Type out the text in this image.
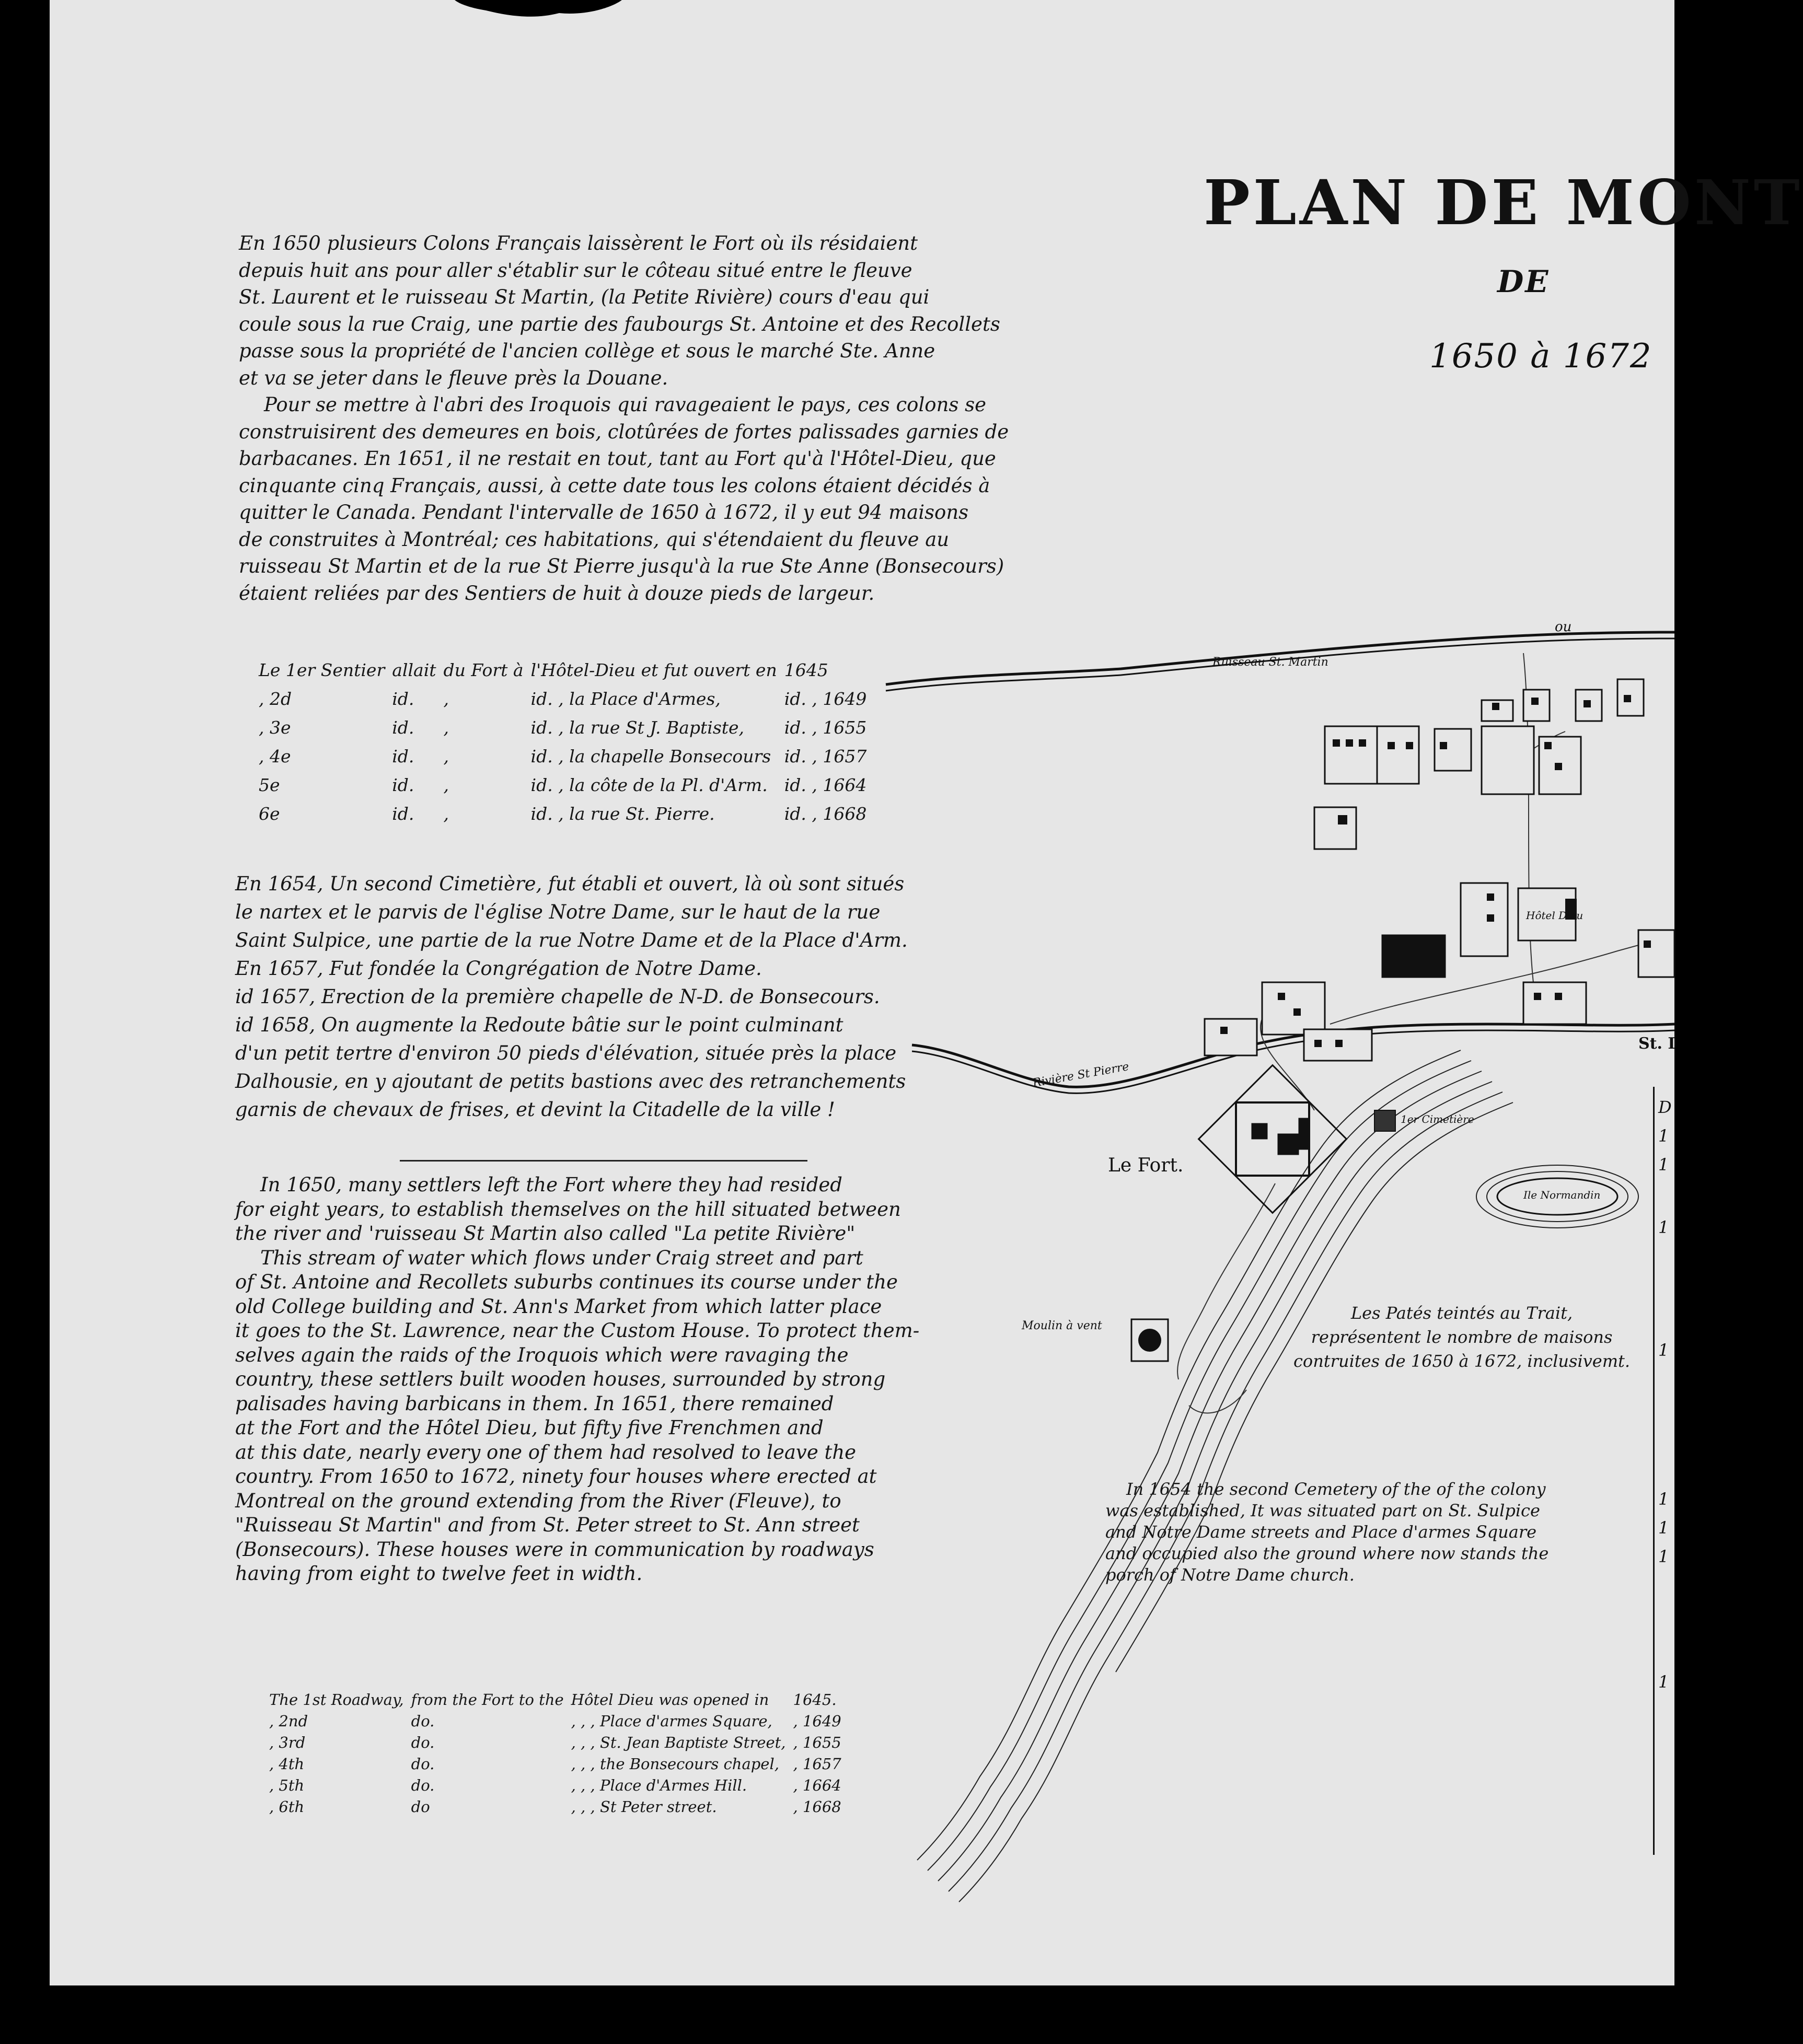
PLAN DE MONT
DE
1650 à 1672

En 1650 plusieurs Colons Français laissèrent le Fort où ils résidaient

depuis huit ans pour aller s'établir sur le côteau situé entre le fleuve

St. Laurent et le ruisseau St Martin, (la Petite Rivière) cours d'eau qui

coule sous la rue Craig, une partie des faubourgs St. Antoine et des Recollets

passe sous la propriété de l'ancien collège et sous le marché Ste. Anne

et va se jeter dans le fleuve près la Douane.

Pour se mettre à l'abri des Iroquois qui ravageaient le pays, ces colons se

construisirent des demeures en bois, clotûrées de fortes palissades garnies de

barbacanes. En 1651, il ne restait en tout, tant au Fort qu'à l'Hôtel-Dieu, que

cinquante cinq Français, aussi, à cette date tous les colons étaient décidés à

quitter le Canada. Pendant l'intervalle de 1650 à 1672, il y eut 94 maisons

de construites à Montréal; ces habitations, qui s'étendaient du fleuve au

ruisseau St Martin et de la rue St Pierre jusqu'à la rue Ste Anne (Bonsecours)

étaient reliées par des Sentiers de huit à douze pieds de largeur.

Le 1er Sentier	allait	du Fort à	l'Hôtel-Dieu et fut ouvert en	1645
, 2d	id.	,	id. , la Place d'Armes,	id. , 1649
, 3e	id.	,	id. , la rue St J. Baptiste,	id. , 1655
, 4e	id.	,	id. , la chapelle Bonsecours	id. , 1657
5e	id.	,	id. , la côte de la Pl. d'Arm.	id. , 1664
6e	id.	,	id. , la rue St. Pierre.	id. , 1668

En 1654, Un second Cimetière, fut établi et ouvert, là où sont situés

le nartex et le parvis de l'église Notre Dame, sur le haut de la rue

Saint Sulpice, une partie de la rue Notre Dame et de la Place d'Arm.

En 1657, Fut fondée la Congrégation de Notre Dame.

id 1657, Erection de la première chapelle de N-D. de Bonsecours.

id 1658, On augmente la Redoute bâtie sur le point culminant

d'un petit tertre d'environ 50 pieds d'élévation, située près la place

Dalhousie, en y ajoutant de petits bastions avec des retranchements

garnis de chevaux de frises, et devint la Citadelle de la ville !

In 1650, many settlers left the Fort where they had resided

for eight years, to establish themselves on the hill situated between

the river and 'ruisseau St Martin also called "La petite Rivière"

This stream of water which flows under Craig street and part

of St. Antoine and Recollets suburbs continues its course under the

old College building and St. Ann's Market from which latter place

it goes to the St. Lawrence, near the Custom House. To protect them-

selves again the raids of the Iroquois which were ravaging the

country, these settlers built wooden houses, surrounded by strong

palisades having barbicans in them. In 1651, there remained

at the Fort and the Hôtel Dieu, but fifty five Frenchmen and

at this date, nearly every one of them had resolved to leave the

country. From 1650 to 1672, ninety four houses where erected at

Montreal on the ground extending from the River (Fleuve), to

"Ruisseau St Martin" and from St. Peter street to St. Ann street

(Bonsecours). These houses were in communication by roadways

having from eight to twelve feet in width.

The 1st Roadway,	from the Fort to the	Hôtel Dieu was opened in	1645.
, 2nd	do.	, , , Place d'armes Square,	, 1649
, 3rd	do.	, , , St. Jean Baptiste Street,	, 1655
, 4th	do.	, , , the Bonsecours chapel,	, 1657
, 5th	do.	, , , Place d'Armes Hill.	, 1664
, 6th	do	, , , St Peter street.	, 1668
Ruisseau St. Martin
ou
Rivière St Pierre
Le Fort.
1er Cimetière
Moulin à vent
Hôtel Dieu
Ile Normandin
St. I
Les Patés teintés au Trait,
représentent le nombre de maisons
contruites de 1650 à 1672, inclusivemt.
In 1654 the second Cemetery of the of the colony
was established, It was situated part on St. Sulpice
and Notre Dame streets and Place d'armes Square
and occupied also the ground where now stands the
porch of Notre Dame church.
D
1
1
1
1
1
1
1
1
